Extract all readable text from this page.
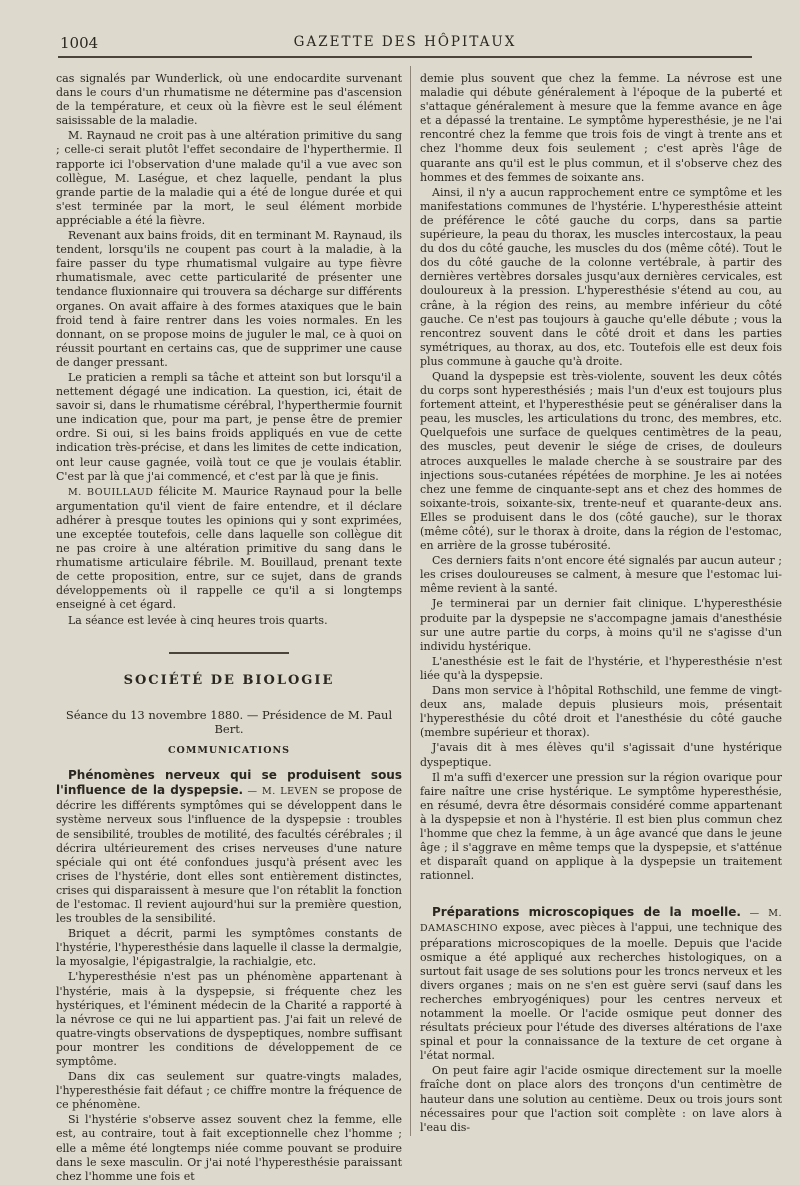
1004	GAZETTE DES HÔPITAUX

cas signalés par Wunderlick, où une endocardite survenant dans le cours d'un rhumatisme ne détermine pas d'ascension de la température, et ceux où la fièvre est le seul élément saisissable de la maladie.

M. Raynaud ne croit pas à une altération primitive du sang ; celle-ci serait plutôt l'effet secondaire de l'hyperthermie. Il rapporte ici l'observation d'une malade qu'il a vue avec son collègue, M. Laségue, et chez laquelle, pendant la plus grande partie de la maladie qui a été de longue durée et qui s'est terminée par la mort, le seul élément morbide appréciable a été la fièvre.

Revenant aux bains froids, dit en terminant M. Raynaud, ils tendent, lorsqu'ils ne coupent pas court à la maladie, à la faire passer du type rhumatismal vulgaire au type fièvre rhumatismale, avec cette particularité de présenter une tendance fluxionnaire qui trouvera sa décharge sur différents organes. On avait affaire à des formes ataxiques que le bain froid tend à faire rentrer dans les voies normales. En les donnant, on se propose moins de juguler le mal, ce à quoi on réussit pourtant en certains cas, que de supprimer une cause de danger pressant.

Le praticien a rempli sa tâche et atteint son but lorsqu'il a nettement dégagé une indication. La question, ici, était de savoir si, dans le rhumatisme cérébral, l'hyperthermie fournit une indication que, pour ma part, je pense être de premier ordre. Si oui, si les bains froids appliqués en vue de cette indication très-précise, et dans les limites de cette indication, ont leur cause gagnée, voilà tout ce que je voulais établir. C'est par là que j'ai commencé, et c'est par là que je finis.

M. BOUILLAUD félicite M. Maurice Raynaud pour la belle argumentation qu'il vient de faire entendre, et il déclare adhérer à presque toutes les opinions qui y sont exprimées, une exceptée toutefois, celle dans laquelle son collègue dit ne pas croire à une altération primitive du sang dans le rhumatisme articulaire fébrile. M. Bouillaud, prenant texte de cette proposition, entre, sur ce sujet, dans de grands développements où il rappelle ce qu'il a si longtemps enseigné à cet égard.

La séance est levée à cinq heures trois quarts.

SOCIÉTÉ DE BIOLOGIE
Séance du 13 novembre 1880. — Présidence de M. Paul Bert.
COMMUNICATIONS

Phénomènes nerveux qui se produisent sous l'influence de la dyspepsie. — M. LEVEN se propose de décrire les différents symptômes qui se développent dans le système nerveux sous l'influence de la dyspepsie : troubles de sensibilité, troubles de motilité, des facultés cérébrales ; il décrira ultérieurement des crises nerveuses d'une nature spéciale qui ont été confondues jusqu'à présent avec les crises de l'hystérie, dont elles sont entièrement distinctes, crises qui disparaissent à mesure que l'on rétablit la fonction de l'estomac. Il revient aujourd'hui sur la première question, les troubles de la sensibilité.

Briquet a décrit, parmi les symptômes constants de l'hystérie, l'hyperesthésie dans laquelle il classe la dermalgie, la myosalgie, l'épigastralgie, la rachialgie, etc.

L'hyperesthésie n'est pas un phénomène appartenant à l'hystérie, mais à la dyspepsie, si fréquente chez les hystériques, et l'éminent médecin de la Charité a rapporté à la névrose ce qui ne lui appartient pas. J'ai fait un relevé de quatre-vingts observations de dyspeptiques, nombre suffisant pour montrer les conditions de développement de ce symptôme.

Dans dix cas seulement sur quatre-vingts malades, l'hyperesthésie fait défaut ; ce chiffre montre la fréquence de ce phénomène.

Si l'hystérie s'observe assez souvent chez la femme, elle est, au contraire, tout à fait exceptionnelle chez l'homme ; elle a même été longtemps niée comme pouvant se produire dans le sexe masculin. Or j'ai noté l'hyperesthésie paraissant chez l'homme une fois et

demie plus souvent que chez la femme. La névrose est une maladie qui débute généralement à l'époque de la puberté et s'attaque généralement à mesure que la femme avance en âge et a dépassé la trentaine. Le symptôme hyperesthésie, je ne l'ai rencontré chez la femme que trois fois de vingt à trente ans et chez l'homme deux fois seulement ; c'est après l'âge de quarante ans qu'il est le plus commun, et il s'observe chez des hommes et des femmes de soixante ans.

Ainsi, il n'y a aucun rapprochement entre ce symptôme et les manifestations communes de l'hystérie. L'hyperesthésie atteint de préférence le côté gauche du corps, dans sa partie supérieure, la peau du thorax, les muscles intercostaux, la peau du dos du côté gauche, les muscles du dos (même côté). Tout le dos du côté gauche de la colonne vertébrale, à partir des dernières vertèbres dorsales jusqu'aux dernières cervicales, est douloureux à la pression. L'hyperesthésie s'étend au cou, au crâne, à la région des reins, au membre inférieur du côté gauche. Ce n'est pas toujours à gauche qu'elle débute ; vous la rencontrez souvent dans le côté droit et dans les parties symétriques, au thorax, au dos, etc. Toutefois elle est deux fois plus commune à gauche qu'à droite.

Quand la dyspepsie est très-violente, souvent les deux côtés du corps sont hyperesthésiés ; mais l'un d'eux est toujours plus fortement atteint, et l'hyperesthésie peut se généraliser dans la peau, les muscles, les articulations du tronc, des membres, etc. Quelquefois une surface de quelques centimètres de la peau, des muscles, peut devenir le siége de crises, de douleurs atroces auxquelles le malade cherche à se soustraire par des injections sous-cutanées répétées de morphine. Je les ai notées chez une femme de cinquante-sept ans et chez des hommes de soixante-trois, soixante-six, trente-neuf et quarante-deux ans. Elles se produisent dans le dos (côté gauche), sur le thorax (même côté), sur le thorax à droite, dans la région de l'estomac, en arrière de la grosse tubérosité.

Ces derniers faits n'ont encore été signalés par aucun auteur ; les crises douloureuses se calment, à mesure que l'estomac lui-même revient à la santé.

Je terminerai par un dernier fait clinique. L'hyperesthésie produite par la dyspepsie ne s'accompagne jamais d'anesthésie sur une autre partie du corps, à moins qu'il ne s'agisse d'un individu hystérique.

L'anesthésie est le fait de l'hystérie, et l'hyperesthésie n'est liée qu'à la dyspepsie.

Dans mon service à l'hôpital Rothschild, une femme de vingt-deux ans, malade depuis plusieurs mois, présentait l'hyperesthésie du côté droit et l'anesthésie du côté gauche (membre supérieur et thorax).

J'avais dit à mes élèves qu'il s'agissait d'une hystérique dyspeptique.

Il m'a suffi d'exercer une pression sur la région ovarique pour faire naître une crise hystérique. Le symptôme hyperesthésie, en résumé, devra être désormais considéré comme appartenant à la dyspepsie et non à l'hystérie. Il est bien plus commun chez l'homme que chez la femme, à un âge avancé que dans le jeune âge ; il s'aggrave en même temps que la dyspepsie, et s'atténue et disparaît quand on applique à la dyspepsie un traitement rationnel.

Préparations microscopiques de la moelle. — M. DAMASCHINO expose, avec pièces à l'appui, une technique des préparations microscopiques de la moelle. Depuis que l'acide osmique a été appliqué aux recherches histologiques, on a surtout fait usage de ses solutions pour les troncs nerveux et les divers organes ; mais on ne s'en est guère servi (sauf dans les recherches embryogéniques) pour les centres nerveux et notamment la moelle. Or l'acide osmique peut donner des résultats précieux pour l'étude des diverses altérations de l'axe spinal et pour la connaissance de la texture de cet organe à l'état normal.

On peut faire agir l'acide osmique directement sur la moelle fraîche dont on place alors des tronçons d'un centimètre de hauteur dans une solution au centième. Deux ou trois jours sont nécessaires pour que l'action soit complète : on lave alors à l'eau dis-
